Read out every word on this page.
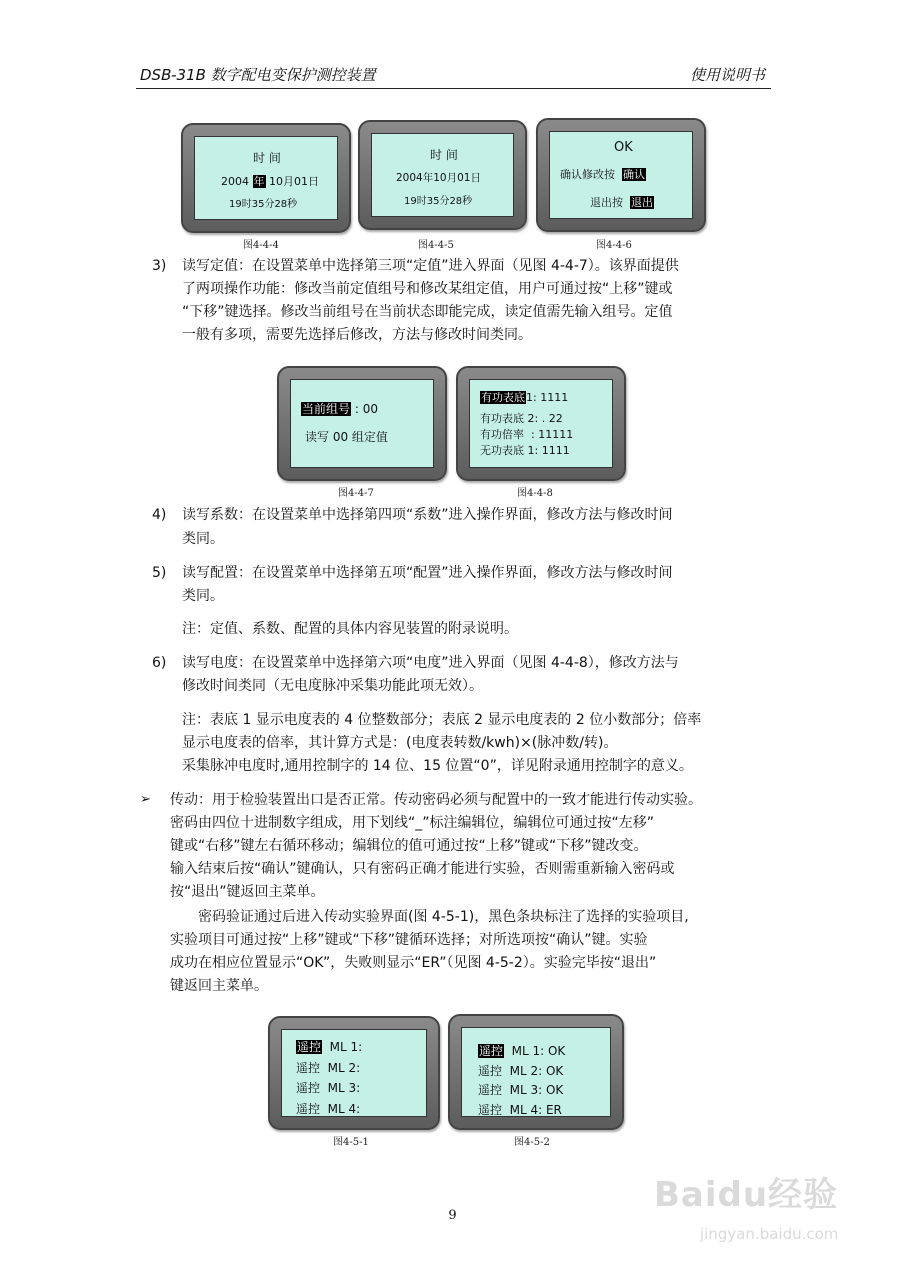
DSB-31B 数字配电变保护测控装置	使用说明书
时 间
2004 年 10月01日
19时35分28秒
图4-4-4
时 间
2004年10月01日
19时35分28秒
图4-4-5
OK
确认修改按 确认
退出按 退出
图4-4-6
3) 读写定值：在设置菜单中选择第三项“定值”进入界面（见图 4-4-7）。该界面提供
了两项操作功能：修改当前定值组号和修改某组定值，用户可通过按“上移”键或
“下移”键选择。修改当前组号在当前状态即能完成，读定值需先输入组号。定值
一般有多项，需要先选择后修改，方法与修改时间类同。
当前组号 : 00
读写 00 组定值
图4-4-7
有功表底1: 1111
有功表底 2: . 22
有功倍率  : 11111
无功表底 1: 1111
图4-4-8
4) 读写系数：在设置菜单中选择第四项“系数”进入操作界面，修改方法与修改时间
类同。
5) 读写配置：在设置菜单中选择第五项“配置”进入操作界面，修改方法与修改时间
类同。
注：定值、系数、配置的具体内容见装置的附录说明。
6) 读写电度：在设置菜单中选择第六项“电度”进入界面（见图 4-4-8），修改方法与
修改时间类同（无电度脉冲采集功能此项无效）。
注：表底 1 显示电度表的 4 位整数部分；表底 2 显示电度表的 2 位小数部分；倍率
显示电度表的倍率，其计算方式是：(电度表转数/kwh)×(脉冲数/转)。
采集脉冲电度时,通用控制字的 14 位、15 位置“0”，详见附录通用控制字的意义。
➢ 传动：用于检验装置出口是否正常。传动密码必须与配置中的一致才能进行传动实验。
密码由四位十进制数字组成，用下划线“_”标注编辑位，编辑位可通过按“左移”
键或“右移”键左右循环移动；编辑位的值可通过按“上移”键或“下移”键改变。
输入结束后按“确认”键确认，只有密码正确才能进行实验，否则需重新输入密码或
按“退出”键返回主菜单。
　　密码验证通过后进入传动实验界面(图 4-5-1)，黑色条块标注了选择的实验项目,
实验项目可通过按“上移”键或“下移”键循环选择；对所选项按“确认”键。实验
成功在相应位置显示“OK”，失败则显示“ER”（见图 4-5-2）。实验完毕按“退出”
键返回主菜单。
遥控  ML 1:
遥控  ML 2:
遥控  ML 3:
遥控  ML 4:
图4-5-1
遥控  ML 1: OK
遥控  ML 2: OK
遥控  ML 3: OK
遥控  ML 4: ER
图4-5-2
9
Baidu经验
jingyan.baidu.com
